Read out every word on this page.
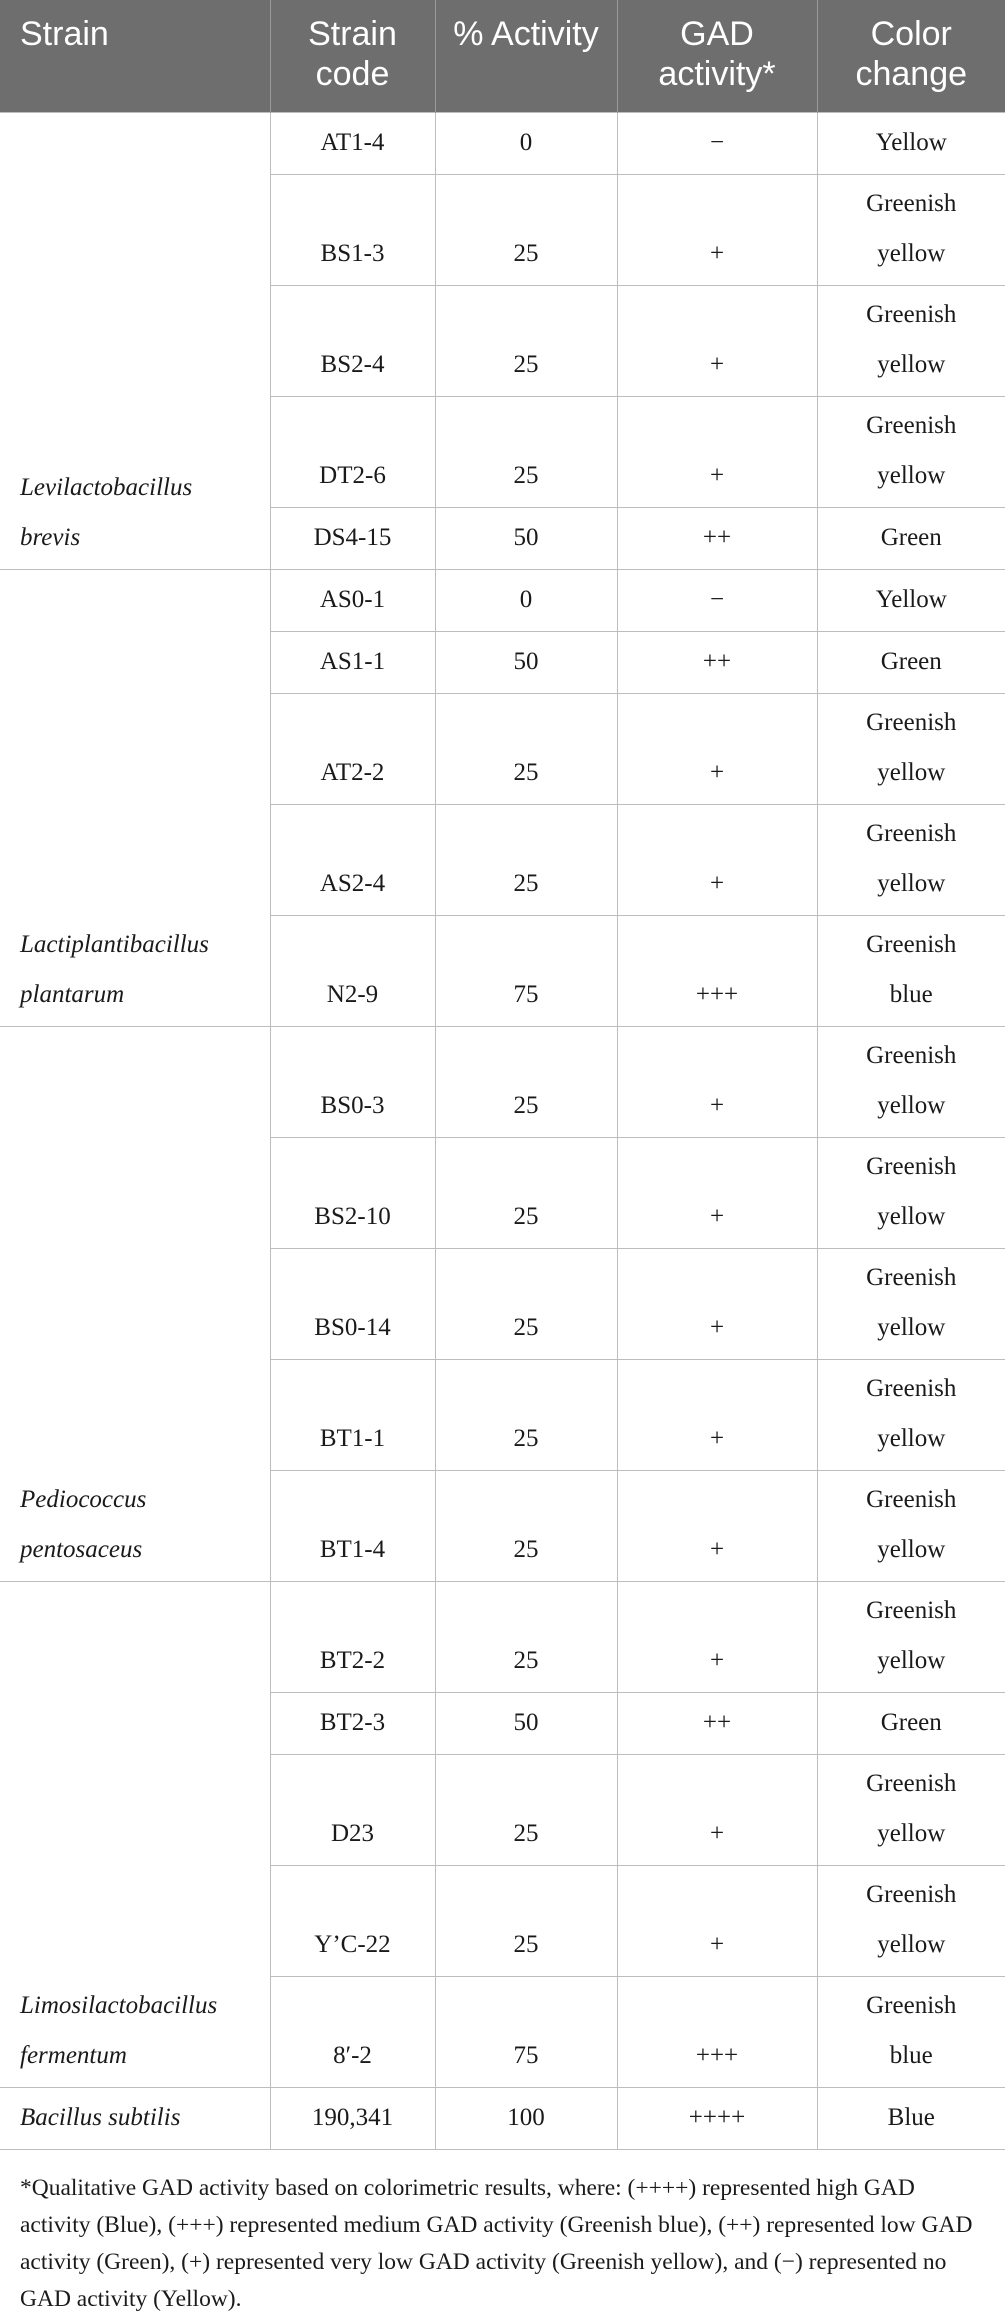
Strain	Strain code	% Activity	GAD activity*	Color change
Levilactobacillus
brevis	AT1-4	0	−	Yellow
	BS1-3	25	+	Greenish
yellow
	BS2-4	25	+	Greenish
yellow
	DT2-6	25	+	Greenish
yellow
	DS4-15	50	++	Green
Lactiplantibacillus
plantarum	AS0-1	0	−	Yellow
	AS1-1	50	++	Green
	AT2-2	25	+	Greenish
yellow
	AS2-4	25	+	Greenish
yellow
	N2-9	75	+++	Greenish
blue
Pediococcus
pentosaceus	BS0-3	25	+	Greenish
yellow
	BS2-10	25	+	Greenish
yellow
	BS0-14	25	+	Greenish
yellow
	BT1-1	25	+	Greenish
yellow
	BT1-4	25	+	Greenish
yellow
Limosilactobacillus
fermentum	BT2-2	25	+	Greenish
yellow
	BT2-3	50	++	Green
	D23	25	+	Greenish
yellow
	Y’C-22	25	+	Greenish
yellow
	8′-2	75	+++	Greenish
blue
Bacillus subtilis	190,341	100	++++	Blue
*Qualitative GAD activity based on colorimetric results, where: (++++) represented high GAD activity (Blue), (+++) represented medium GAD activity (Greenish blue), (++) represented low GAD activity (Green), (+) represented very low GAD activity (Greenish yellow), and (−) represented no GAD activity (Yellow).
